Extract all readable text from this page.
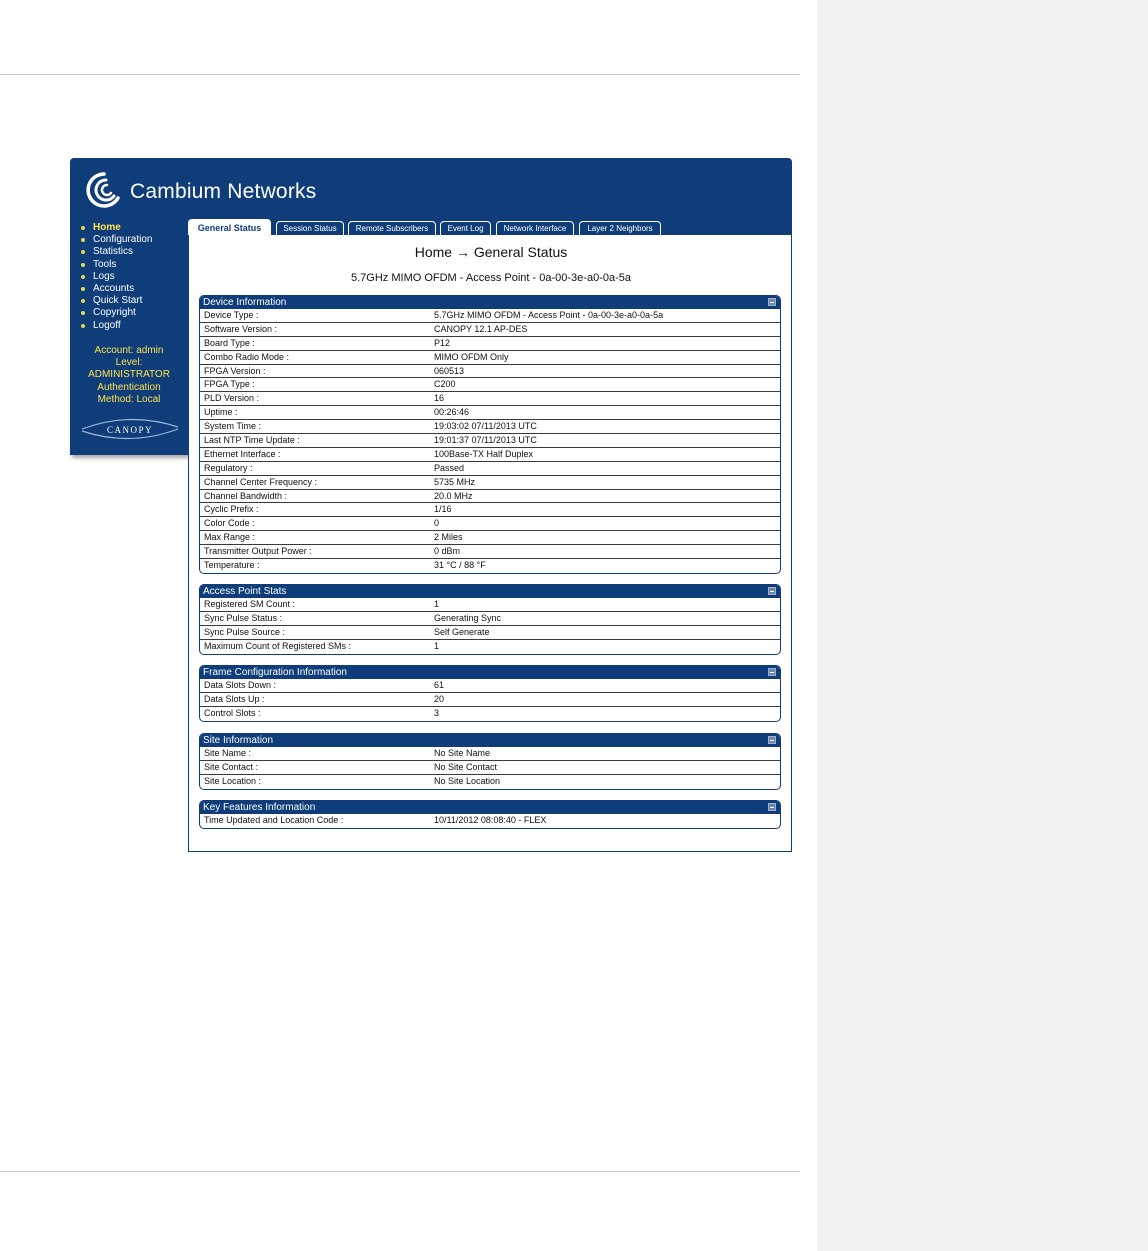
Cambium Networks
Home
Configuration
Statistics
Tools
Logs
Accounts
Quick Start
Copyright
Logoff
Account: admin
Level:
ADMINISTRATOR
Authentication
Method: Local
CANOPY
General Status	Session Status	Remote Subscribers	Event Log	Network Interface	Layer 2 Neighbors
Home → General Status
5.7GHz MIMO OFDM - Access Point - 0a-00-3e-a0-0a-5a
Device Information
Device Type :	5.7GHz MIMO OFDM - Access Point - 0a-00-3e-a0-0a-5a
Software Version :	CANOPY 12.1 AP-DES
Board Type :	P12
Combo Radio Mode :	MIMO OFDM Only
FPGA Version :	060513
FPGA Type :	C200
PLD Version :	16
Uptime :	00:26:46
System Time :	19:03:02 07/11/2013 UTC
Last NTP Time Update :	19:01:37 07/11/2013 UTC
Ethernet Interface :	100Base-TX Half Duplex
Regulatory :	Passed
Channel Center Frequency :	5735 MHz
Channel Bandwidth :	20.0 MHz
Cyclic Prefix :	1/16
Color Code :	0
Max Range :	2 Miles
Transmitter Output Power :	0 dBm
Temperature :	31 °C / 88 °F
Access Point Stats
Registered SM Count :	1
Sync Pulse Status :	Generating Sync
Sync Pulse Source :	Self Generate
Maximum Count of Registered SMs :	1
Frame Configuration Information
Data Slots Down :	61
Data Slots Up :	20
Control Slots :	3
Site Information
Site Name :	No Site Name
Site Contact :	No Site Contact
Site Location :	No Site Location
Key Features Information
Time Updated and Location Code :	10/11/2012 08:08:40 - FLEX
